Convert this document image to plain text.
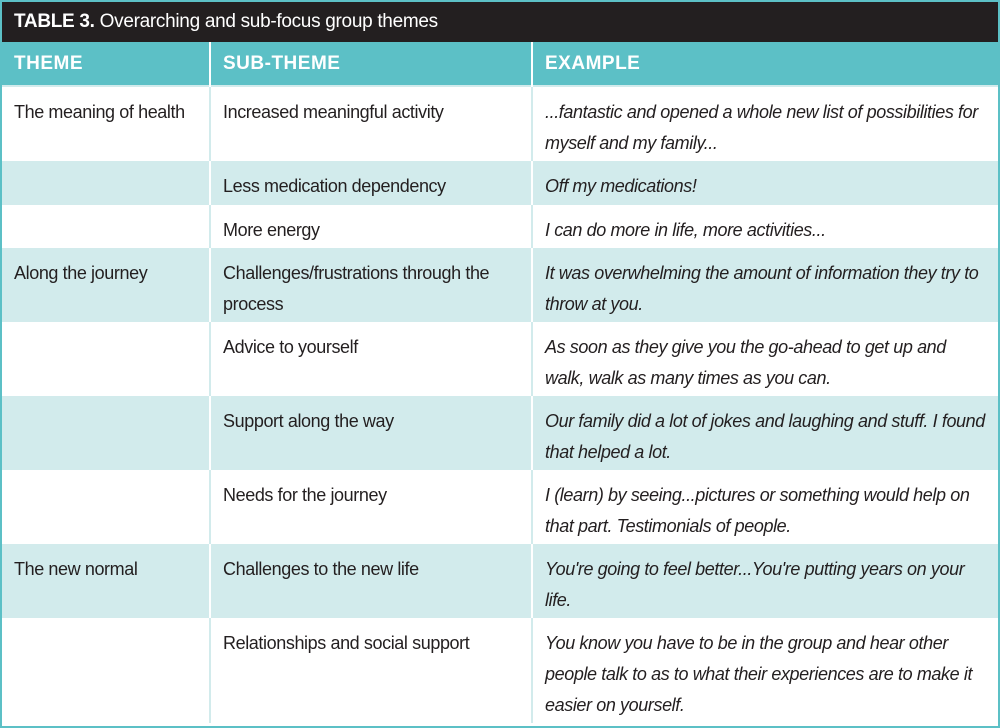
TABLE 3. Overarching and sub-focus group themes
THEME	SUB-THEME	EXAMPLE
The meaning of health	Increased meaningful activity	...fantastic and opened a whole new list of possibilities for myself and my family...
	Less medication dependency	Off my medications!
	More energy	I can do more in life, more activities...
Along the journey	Challenges/frustrations through the process	It was overwhelming the amount of information they try to throw at you.
	Advice to yourself	As soon as they give you the go-ahead to get up and walk, walk as many times as you can.
	Support along the way	Our family did a lot of jokes and laughing and stuff. I found that helped a lot.
	Needs for the journey	I (learn) by seeing...pictures or something would help on that part. Testimonials of people.
The new normal	Challenges to the new life	You're going to feel better...You're putting years on your life.
	Relationships and social support	You know you have to be in the group and hear other people talk to as to what their experiences are to make it easier on yourself.
